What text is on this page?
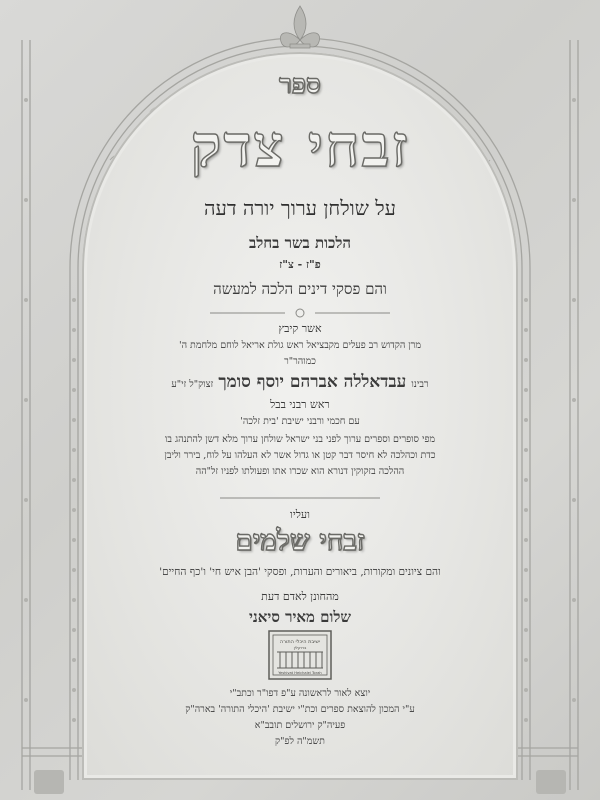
ספר
זבחי צדק
על שולחן ערוך יורה דעה
הלכות בשר בחלב
פ"ז - צ"ז
והם פסקי דינים הלכה למעשה
אשר קיבץ
מרן הקדוש רב פעלים מקבציאל ראש גולת אריאל לוחם מלחמת ה'
כמוהר"ר
רבינו עבדאללה אברהם יוסף סומך זצוק"ל זי"ע
ראש רבני בבל
עם חכמי ורבני ישיבת 'בית זלכה'
מפי סופרים וספרים ערוך לפני בני ישראל שולחן ערוך מלא דשן להתנהג בו
כדת וכהלכה לא חיסר דבר קטן או גדול אשר לא העלהו על לוח, בירר וליבן
ההלכה בזקוקין דנורא הוא שכרו אתו ופעולתו לפניו זל"הה
ועליו
זבחי שלמים
והם ציונים ומקורות, ביאורים והערות, ופסקי 'הבן איש חי' ו'כף החיים'
מהחונן לאדם דעת
שלום מאיר סיאני
יוצא לאור לראשונה ע"פ דפו"ר וכתב"י
ע"י המכון להוצאת ספרים וכת"י ישיבת 'היכלי התורה' בארה"ק
פעיה"ק ירושלים תובב"א
תשמ"ה לפ"ק
ישיבת היכלי התורה
ברוקלין
Yeshivat Heichalei Torah
